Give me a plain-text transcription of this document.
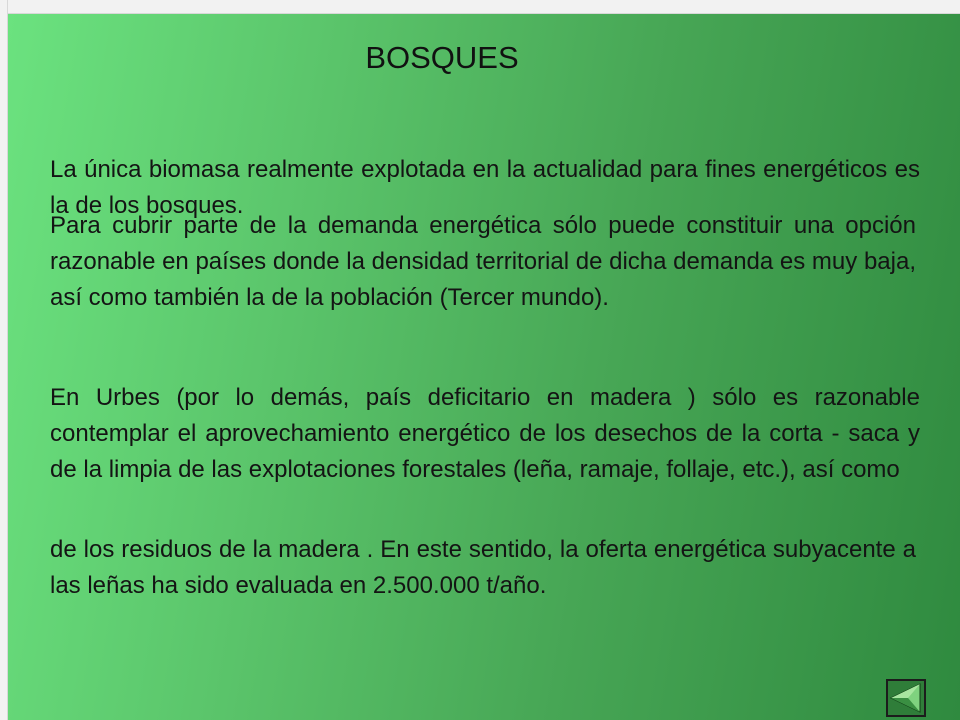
BOSQUES

La única biomasa realmente explotada en la actualidad para fines energéticos es la de los bosques.

Para cubrir parte de la demanda energética sólo puede constituir una opción razonable en países donde la densidad territorial de dicha demanda es muy baja, así como también la de la población (Tercer mundo).

En Urbes (por lo demás, país deficitario en madera ) sólo es razonable contemplar el aprovechamiento energético de los desechos de la corta - saca y de la limpia de las explotaciones forestales (leña, ramaje, follaje, etc.), así como

de los residuos de la madera . En este sentido, la oferta energética subyacente a las leñas ha sido evaluada en 2.500.000 t/año.
